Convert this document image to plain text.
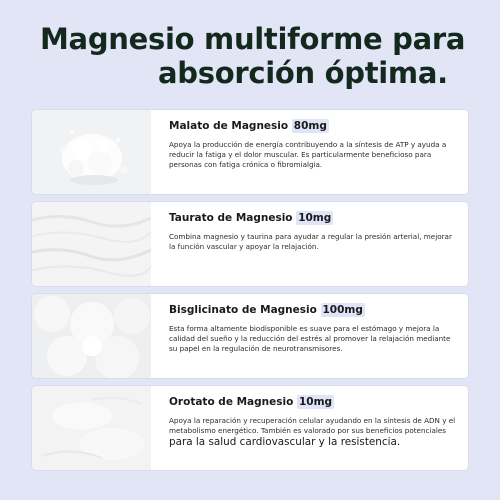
Magnesio multiforme para
absorción óptima.
Malato de Magnesio 80mg
Apoya la producción de energía contribuyendo a la síntesis de ATP y ayuda a reducir la fatiga y el dolor muscular. Es particularmente beneficioso para personas con fatiga crónica o fibromialgia.
Taurato de Magnesio 10mg
Combina magnesio y taurina para ayudar a regular la presión arterial, mejorar la función vascular y apoyar la relajación.
Bisglicinato de Magnesio 100mg
Esta forma altamente biodisponible es suave para el estómago y mejora la calidad del sueño y la reducción del estrés al promover la relajación mediante su papel en la regulación de neurotransmisores.
Orotato de Magnesio 10mg
Apoya la reparación y recuperación celular ayudando en la síntesis de ADN y el metabolismo energético. También es valorado por sus beneficios potenciales
para la salud cardiovascular y la resistencia.
